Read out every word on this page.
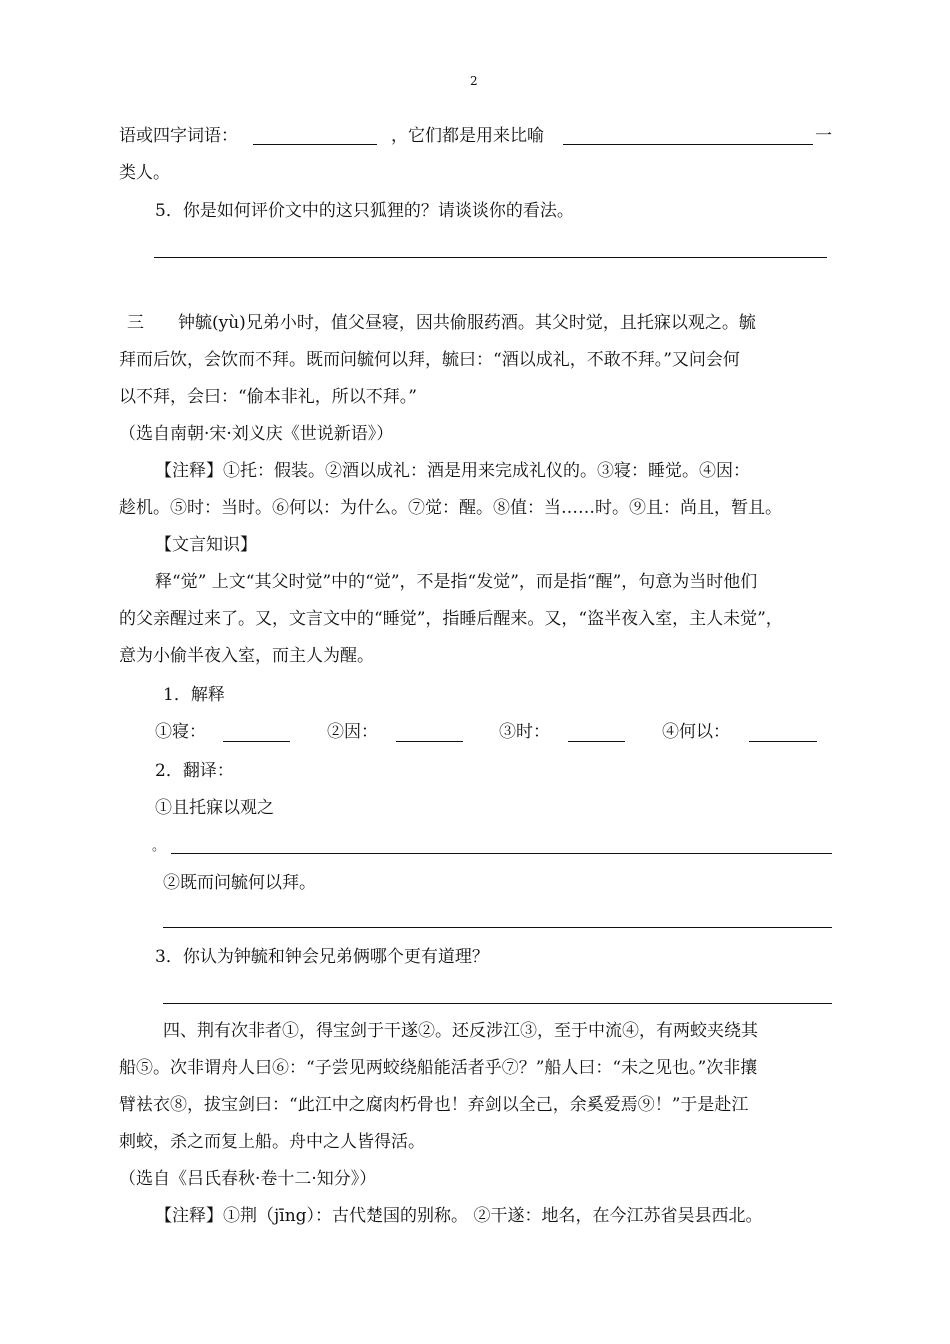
2
语或四字词语：	，它们都是用来比喻	一
类人。
5．你是如何评价文中的这只狐狸的？请谈谈你的看法。
三　　钟毓(yù)兄弟小时，值父昼寝，因共偷服药酒。其父时觉，且托寐以观之。毓
拜而后饮，会饮而不拜。既而问毓何以拜，毓曰：“酒以成礼，不敢不拜。”又问会何
以不拜，会曰：“偷本非礼，所以不拜。”
（选自南朝·宋·刘义庆《世说新语》）
【注释】①托：假装。②酒以成礼：酒是用来完成礼仪的。③寝：睡觉。④因：
趁机。⑤时：当时。⑥何以：为什么。⑦觉：醒。⑧值：当……时。⑨且：尚且，暂且。
【文言知识】
释“觉” 上文“其父时觉”中的“觉”，不是指“发觉”，而是指“醒”，句意为当时他们
的父亲醒过来了。又，文言文中的“睡觉”，指睡后醒来。又，“盗半夜入室，主人未觉”，
意为小偷半夜入室，而主人为醒。
1．解释
①寝：	②因：	③时：	④何以：
2．翻译：
①且托寐以观之
。
②既而问毓何以拜。
3．你认为钟毓和钟会兄弟俩哪个更有道理？
四、荆有次非者①，得宝剑于干遂②。还反涉江③，至于中流④，有两蛟夹绕其
船⑤。次非谓舟人曰⑥：“子尝见两蛟绕船能活者乎⑦？”船人曰：“未之见也。”次非攘
臂袪衣⑧，拔宝剑曰：“此江中之腐肉朽骨也！弃剑以全己，余奚爱焉⑨！”于是赴江
刺蛟，杀之而复上船。舟中之人皆得活。
（选自《吕氏春秋·卷十二·知分》）
【注释】①荆（jīng）：古代楚国的别称。 ②干遂：地名，在今江苏省吴县西北。
